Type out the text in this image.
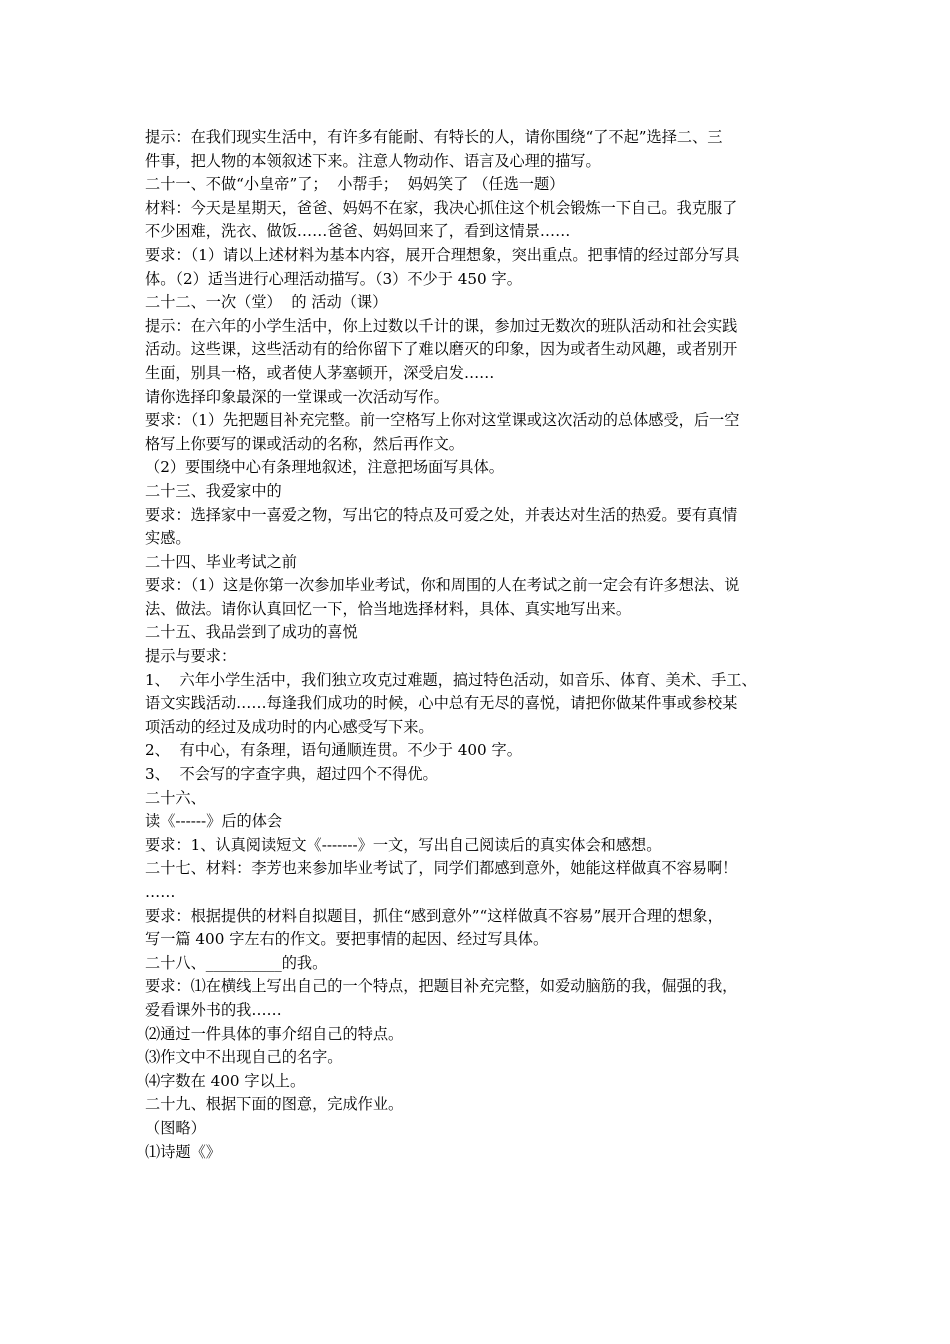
提示：在我们现实生活中，有许多有能耐、有特长的人，请你围绕“了不起”选择二、三
件事，把人物的本领叙述下来。注意人物动作、语言及心理的描写。
二十一、不做“小皇帝”了；  小帮手；  妈妈笑了 （任选一题）
材料：今天是星期天，爸爸、妈妈不在家，我决心抓住这个机会锻炼一下自己。我克服了
不少困难，洗衣、做饭……爸爸、妈妈回来了，看到这情景……
要求：（1）请以上述材料为基本内容，展开合理想象，突出重点。把事情的经过部分写具
体。（2）适当进行心理活动描写。（3）不少于 450 字。
二十二、一次（堂）  的 活动（课）
提示：在六年的小学生活中，你上过数以千计的课，参加过无数次的班队活动和社会实践
活动。这些课，这些活动有的给你留下了难以磨灭的印象，因为或者生动风趣，或者别开
生面，别具一格，或者使人茅塞顿开，深受启发……
请你选择印象最深的一堂课或一次活动写作。
要求：（1）先把题目补充完整。前一空格写上你对这堂课或这次活动的总体感受，后一空
格写上你要写的课或活动的名称，然后再作文。
（2）要围绕中心有条理地叙述，注意把场面写具体。
二十三、我爱家中的
要求：选择家中一喜爱之物，写出它的特点及可爱之处，并表达对生活的热爱。要有真情
实感。
二十四、毕业考试之前
要求：（1）这是你第一次参加毕业考试，你和周围的人在考试之前一定会有许多想法、说
法、做法。请你认真回忆一下，恰当地选择材料，具体、真实地写出来。
二十五、我品尝到了成功的喜悦
提示与要求：
1、  六年小学生活中，我们独立攻克过难题，搞过特色活动，如音乐、体育、美术、手工、
语文实践活动……每逢我们成功的时候，心中总有无尽的喜悦，请把你做某件事或参校某
项活动的经过及成功时的内心感受写下来。
2、  有中心，有条理，语句通顺连贯。不少于 400 字。
3、  不会写的字查字典，超过四个不得优。
二十六、
读《------》后的体会
要求：1、认真阅读短文《-------》一文，写出自己阅读后的真实体会和感想。
二十七、材料：李芳也来参加毕业考试了，同学们都感到意外，她能这样做真不容易啊！
……
要求：根据提供的材料自拟题目，抓住“感到意外”“这样做真不容易”展开合理的想象，
写一篇 400 字左右的作文。要把事情的起因、经过写具体。
二十八、__________的我。
要求：⑴在横线上写出自己的一个特点，把题目补充完整，如爱动脑筋的我，倔强的我，
爱看课外书的我……
⑵通过一件具体的事介绍自己的特点。
⑶作文中不出现自己的名字。
⑷字数在 400 字以上。
二十九、根据下面的图意，完成作业。
（图略）
⑴诗题《》
